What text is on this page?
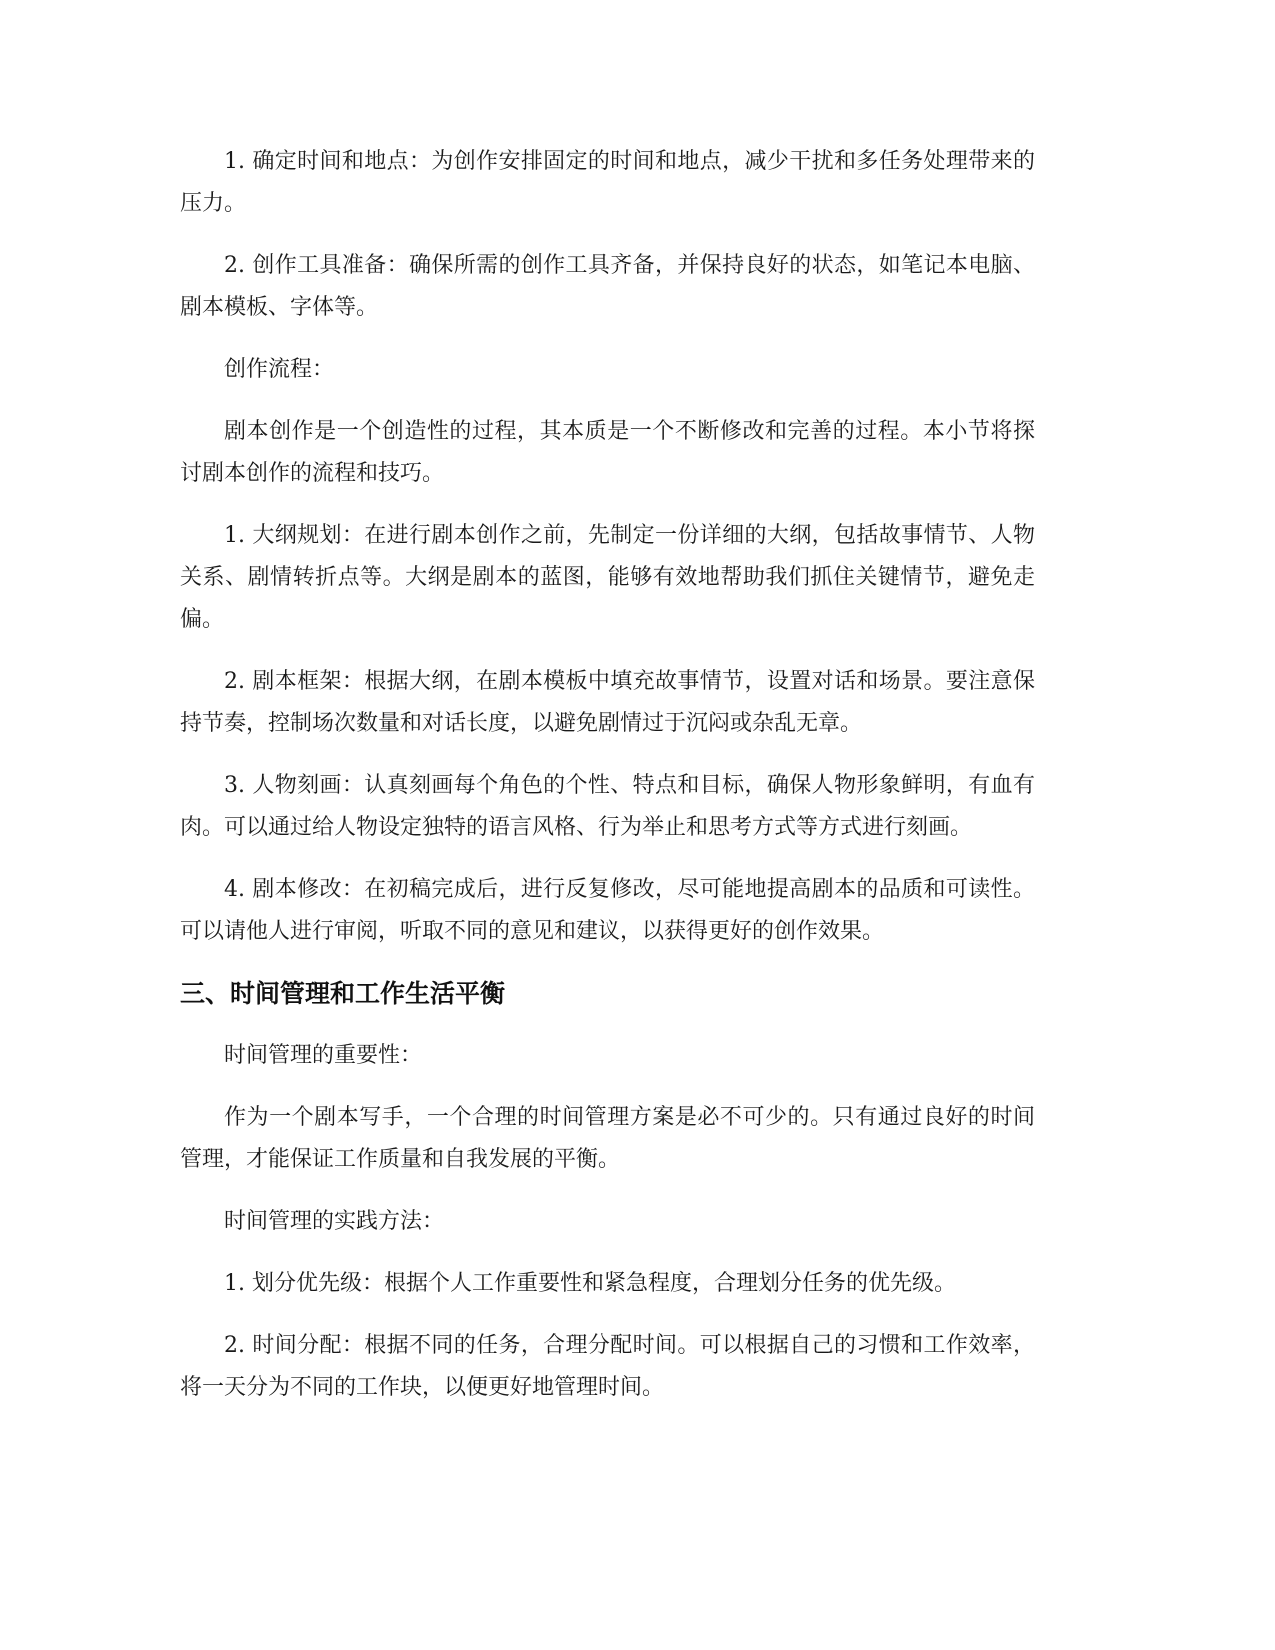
1. 确定时间和地点：为创作安排固定的时间和地点，减少干扰和多任务处理带来的压力。

2. 创作工具准备：确保所需的创作工具齐备，并保持良好的状态，如笔记本电脑、剧本模板、字体等。

创作流程：

剧本创作是一个创造性的过程，其本质是一个不断修改和完善的过程。本小节将探讨剧本创作的流程和技巧。

1. 大纲规划：在进行剧本创作之前，先制定一份详细的大纲，包括故事情节、人物关系、剧情转折点等。大纲是剧本的蓝图，能够有效地帮助我们抓住关键情节，避免走偏。

2. 剧本框架：根据大纲，在剧本模板中填充故事情节，设置对话和场景。要注意保持节奏，控制场次数量和对话长度，以避免剧情过于沉闷或杂乱无章。

3. 人物刻画：认真刻画每个角色的个性、特点和目标，确保人物形象鲜明，有血有肉。可以通过给人物设定独特的语言风格、行为举止和思考方式等方式进行刻画。

4. 剧本修改：在初稿完成后，进行反复修改，尽可能地提高剧本的品质和可读性。可以请他人进行审阅，听取不同的意见和建议，以获得更好的创作效果。

三、时间管理和工作生活平衡

时间管理的重要性：

作为一个剧本写手，一个合理的时间管理方案是必不可少的。只有通过良好的时间管理，才能保证工作质量和自我发展的平衡。

时间管理的实践方法：

1. 划分优先级：根据个人工作重要性和紧急程度，合理划分任务的优先级。

2. 时间分配：根据不同的任务，合理分配时间。可以根据自己的习惯和工作效率，将一天分为不同的工作块，以便更好地管理时间。
